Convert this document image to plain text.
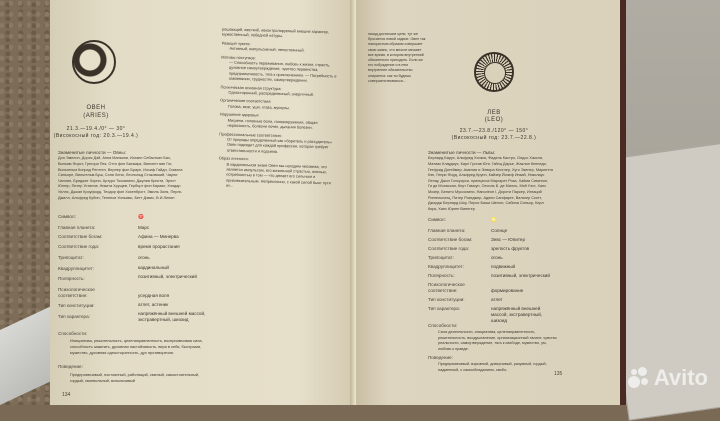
ОВЕН
(ARIES)
21.3.—19.4./0° — 30°
(Високосный год: 20.3.—19.4.)
Знаменитые личности — Овны:
Дон Эмелон, Дорис Дэй, Анна Маньяни, Иоганн Себастьян Бах, Вильям Форст, Грегори Пек, Отто фон Бисмарк, Винсент ван Гог, Вильгельм Конрад Рентген, Вернер фон Браун, Иосиф Гайдн, Симона Синьоре, Вильгельм Буш, Соня Хени, Леопольд Стоковский, Чарли Чаплин, Бриджит Хорни, Артуро Тосканини, Джулия Кристи, Эрнст Юнгер, Питер Устинов, Никита Хрущев, Гербърт фон Караян, Хэлдар Уиллс, Джоан Кроуфорд, Теодор фон Хохенброгт, Эмиль Золя, Перль Джилл, Альфред Кубин, Теннеси Уильямс, Бетт Дэвис, В.И.Ленин
Символ:	♈
Главная планета:	Марс
Соответствие богам:	Афина — Минерва
Соответствие года:	время прорастания
Трипоцитат:	огонь
Квадруплицитет:	кардинальный
Полярность:	позитивный, электрический
Психологическое соответствие:	усердная воля
Тип конституции:	атлет, астеник
Тип характера:
напряжённый внешней массой, экстравертный, шизоид
Способности:
Инициатива, решительность, целенаправленность, восприимчивая сила, способность зажигать, духовная настойчивость, вера в себя, быстрыми, мужество, духовная односторонность, дух противоречия.
Поведение:
Предприимчивый, постоянный, работящий, смелый, самостоятельный, гордый, своевольный, вспыльчивый
134
решающий, жесткий, неконтролируемый внешне характер, мужественный, победной натуры.
Реакция чувств:
Активный, импульсивный, непостоянный.
Мотивы поступков:
— Способность переживания, любовь к жизни, страсть, духовное самоутверждение, чувство первенства, предприимчивость, тяга к приключениям. — Потребность в завоевании, трудностях, самоутверждении.
Психическая основная структура:
Односторонний, распределенный, энергичный.
Органические соответствия:
Голова, мозг, уши, глаза, мускулы.
Нарушение здоровья:
Мигрени, головные боли, головокружения, общая нервозность, болезни почек, дыхания болезни.
Профессиональные соответствия:
От природы определенный как «боритель и рассудитель» Овен подходит для каждой профессии, которая требует ответственности и подъема.
Образ личности:
В кардинальном знаке Овен мы находим человека, что является импульсом, его жизненной страстью, жизнью, потребностью в том — что делает его сильным и привлекательным. Непреклонно, с какой силой бьют пути их...
назад достигшие цели, тут же бросается новой задаче. Овен так напористым образом совершает свою жизнь, что многое мешает все время, в котором внутренний обязательно приходить. Если же его побуждение и в нем внутреннее обязательство опирается: как ты будешь совершенствоваться...
ЛЕВ
(LEO)
23.7.—23.8./120° — 150°
(Високосный год: 23.7.—22.8.)
Знаменитые личности — Львы:
Бернард Барух, Альфред Хичкок, Фидель Кастро, Олдос Хаксли, Матиас Клаудиус, Карл Густав Юнг, Гайнц Дарье, Жаклин Кеннеди, Гетфрид Дотеймер, Амелия и Элвира Кестнер, Хуго Экенер, Мариетта Кэп, Генри Форд, Альфред Крупп, Кайзер Йозеф Инзай, Николаус Ленау, Джон Голсуорси, принцесса Маргарет Роза, Хайми Сименон, Ги де Мопассан, Кнут Гамсун, Сесиль Б. де Милль, Мэй Уэст, Ханс Мозер, Бенито Муссолини, Наполеон I, Дороти Паркер, Игнаций Рингельнатц, Питер Розеджер, Адели Санфарте, Вальтер Скотт, Джордж Бернард Шоу, Перси Биши Шелли, Сабина Синьор, Карл Кирк, Ханс Юрген Виенгер
Символ:	♌
Главная планета:	Солнце
Соответствие богам:	Зевс — Юпитер
Соответствие года:	зрелость фруктов
Трипоцитат:	огонь
Квадруплицитет:	подвижный
Полярность:	позитивный, электрический
Психологическое соответствие:	формирование
Тип конституции:	атлет
Тип характера:	напряжённый внешней массой, экстравертный, шизоид
Способности:
Сила деятельности, инициатива, целенаправленность, решительность, воодушевление, организационный талант, чувство реальности, самоутверждение, тяга к свободе, мужество, ум, любовь к правде.
Поведение:
Предприимчивый, взрывной, доверчивый, разумный, гордый, надменный, с самообладанием, свобо-
135	Avito
